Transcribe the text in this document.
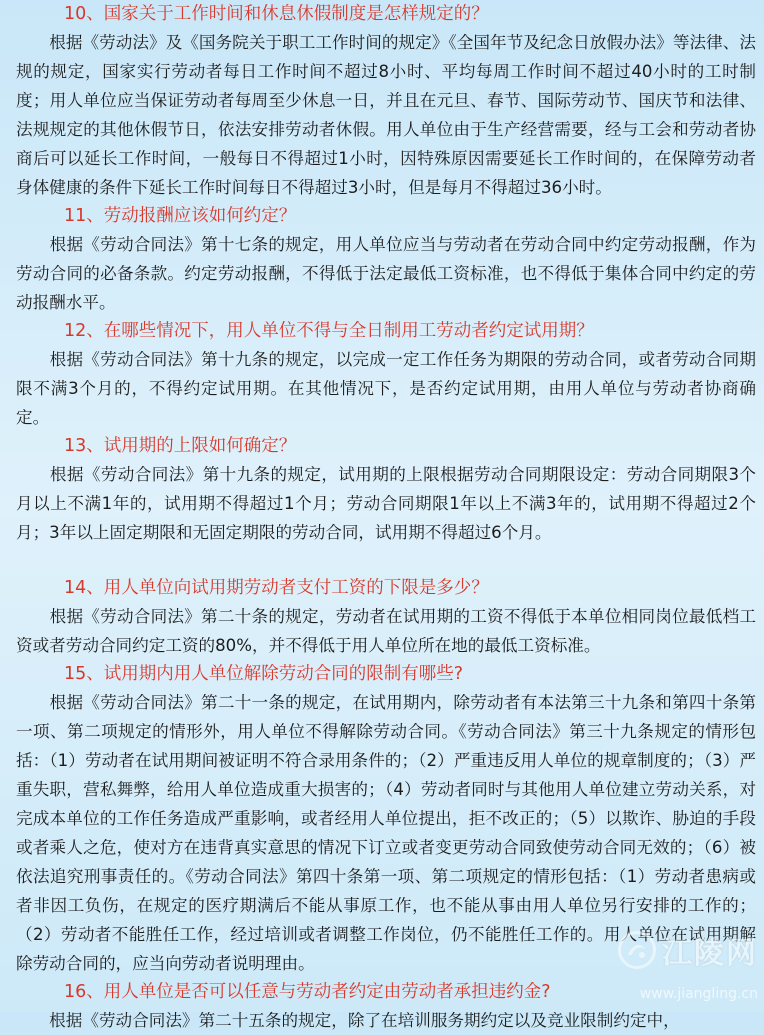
10、国家关于工作时间和休息休假制度是怎样规定的？

　　根据《劳动法》及《国务院关于职工工作时间的规定》《全国年节及纪念日放假办法》等法律、法规的规定，国家实行劳动者每日工作时间不超过8小时、平均每周工作时间不超过40小时的工时制度；用人单位应当保证劳动者每周至少休息一日，并且在元旦、春节、国际劳动节、国庆节和法律、法规规定的其他休假节日，依法安排劳动者休假。用人单位由于生产经营需要，经与工会和劳动者协商后可以延长工作时间，一般每日不得超过1小时，因特殊原因需要延长工作时间的，在保障劳动者身体健康的条件下延长工作时间每日不得超过3小时，但是每月不得超过36小时。

11、劳动报酬应该如何约定？

　　根据《劳动合同法》第十七条的规定，用人单位应当与劳动者在劳动合同中约定劳动报酬，作为劳动合同的必备条款。约定劳动报酬，不得低于法定最低工资标准，也不得低于集体合同中约定的劳动报酬水平。

12、在哪些情况下，用人单位不得与全日制用工劳动者约定试用期？

　　根据《劳动合同法》第十九条的规定，以完成一定工作任务为期限的劳动合同，或者劳动合同期限不满3个月的，不得约定试用期。在其他情况下，是否约定试用期，由用人单位与劳动者协商确定。

13、试用期的上限如何确定？

　　根据《劳动合同法》第十九条的规定，试用期的上限根据劳动合同期限设定：劳动合同期限3个月以上不满1年的，试用期不得超过1个月；劳动合同期限1年以上不满3年的，试用期不得超过2个月；3年以上固定期限和无固定期限的劳动合同，试用期不得超过6个月。

14、用人单位向试用期劳动者支付工资的下限是多少？

　　根据《劳动合同法》第二十条的规定，劳动者在试用期的工资不得低于本单位相同岗位最低档工资或者劳动合同约定工资的80%，并不得低于用人单位所在地的最低工资标准。

15、试用期内用人单位解除劳动合同的限制有哪些?

　　根据《劳动合同法》第二十一条的规定，在试用期内，除劳动者有本法第三十九条和第四十条第一项、第二项规定的情形外，用人单位不得解除劳动合同。《劳动合同法》第三十九条规定的情形包括：（1）劳动者在试用期间被证明不符合录用条件的；（2）严重违反用人单位的规章制度的；（3）严重失职，营私舞弊，给用人单位造成重大损害的；（4）劳动者同时与其他用人单位建立劳动关系，对完成本单位的工作任务造成严重影响，或者经用人单位提出，拒不改正的；（5）以欺诈、胁迫的手段或者乘人之危，使对方在违背真实意思的情况下订立或者变更劳动合同致使劳动合同无效的；（6）被依法追究刑事责任的。《劳动合同法》第四十条第一项、第二项规定的情形包括：（1）劳动者患病或者非因工负伤，在规定的医疗期满后不能从事原工作，也不能从事由用人单位另行安排的工作的；（2）劳动者不能胜任工作，经过培训或者调整工作岗位，仍不能胜任工作的。用人单位在试用期解除劳动合同的，应当向劳动者说明理由。

16、用人单位是否可以任意与劳动者约定由劳动者承担违约金?

　　根据《劳动合同法》第二十五条的规定，除了在培训服务期约定以及竞业限制约定中，

江陵网
www.jiangling.cn
